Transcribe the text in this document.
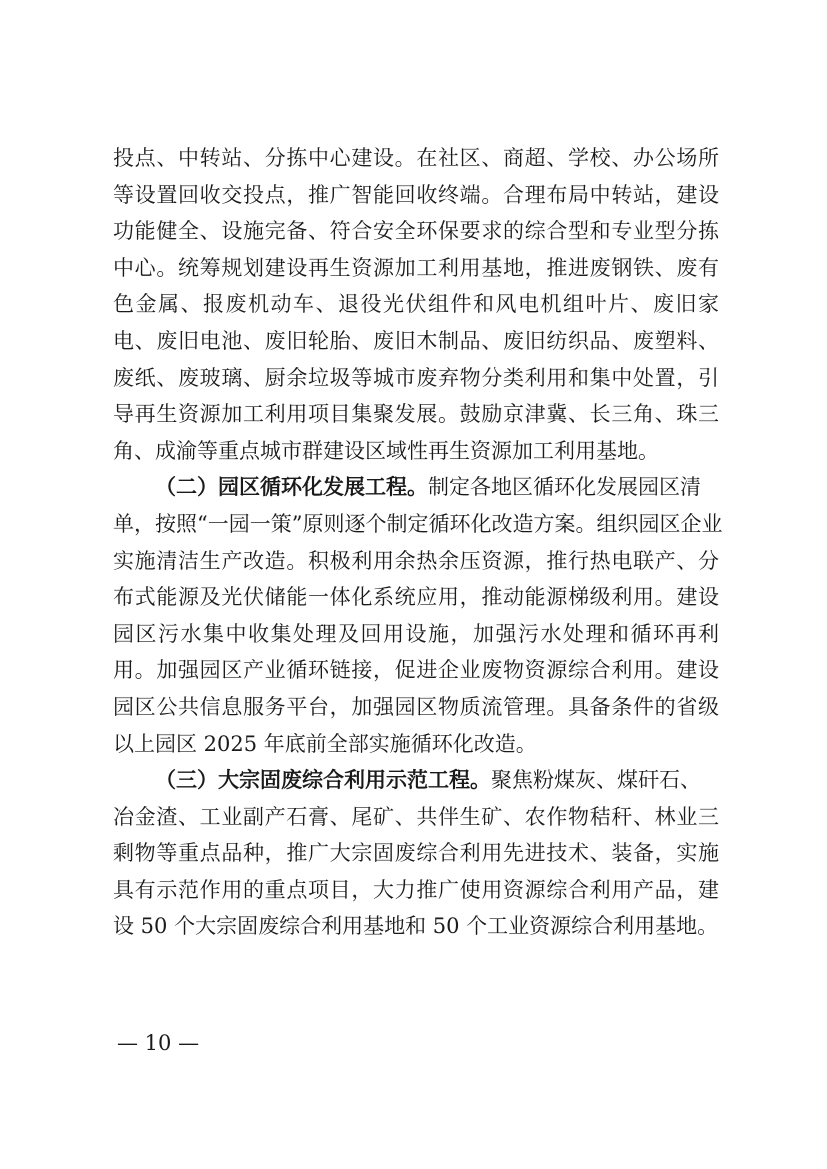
投点、中转站、分拣中心建设。在社区、商超、学校、办公场所
等设置回收交投点，推广智能回收终端。合理布局中转站，建设
功能健全、设施完备、符合安全环保要求的综合型和专业型分拣
中心。统筹规划建设再生资源加工利用基地，推进废钢铁、废有
色金属、报废机动车、退役光伏组件和风电机组叶片、废旧家
电、废旧电池、废旧轮胎、废旧木制品、废旧纺织品、废塑料、
废纸、废玻璃、厨余垃圾等城市废弃物分类利用和集中处置，引
导再生资源加工利用项目集聚发展。鼓励京津冀、长三角、珠三
角、成渝等重点城市群建设区域性再生资源加工利用基地。
（二）园区循环化发展工程。制定各地区循环化发展园区清
单，按照“一园一策”原则逐个制定循环化改造方案。组织园区企业
实施清洁生产改造。积极利用余热余压资源，推行热电联产、分
布式能源及光伏储能一体化系统应用，推动能源梯级利用。建设
园区污水集中收集处理及回用设施，加强污水处理和循环再利
用。加强园区产业循环链接，促进企业废物资源综合利用。建设
园区公共信息服务平台，加强园区物质流管理。具备条件的省级
以上园区 2025 年底前全部实施循环化改造。
（三）大宗固废综合利用示范工程。聚焦粉煤灰、煤矸石、
冶金渣、工业副产石膏、尾矿、共伴生矿、农作物秸秆、林业三
剩物等重点品种，推广大宗固废综合利用先进技术、装备，实施
具有示范作用的重点项目，大力推广使用资源综合利用产品，建
设 50 个大宗固废综合利用基地和 50 个工业资源综合利用基地。
— 10 —
